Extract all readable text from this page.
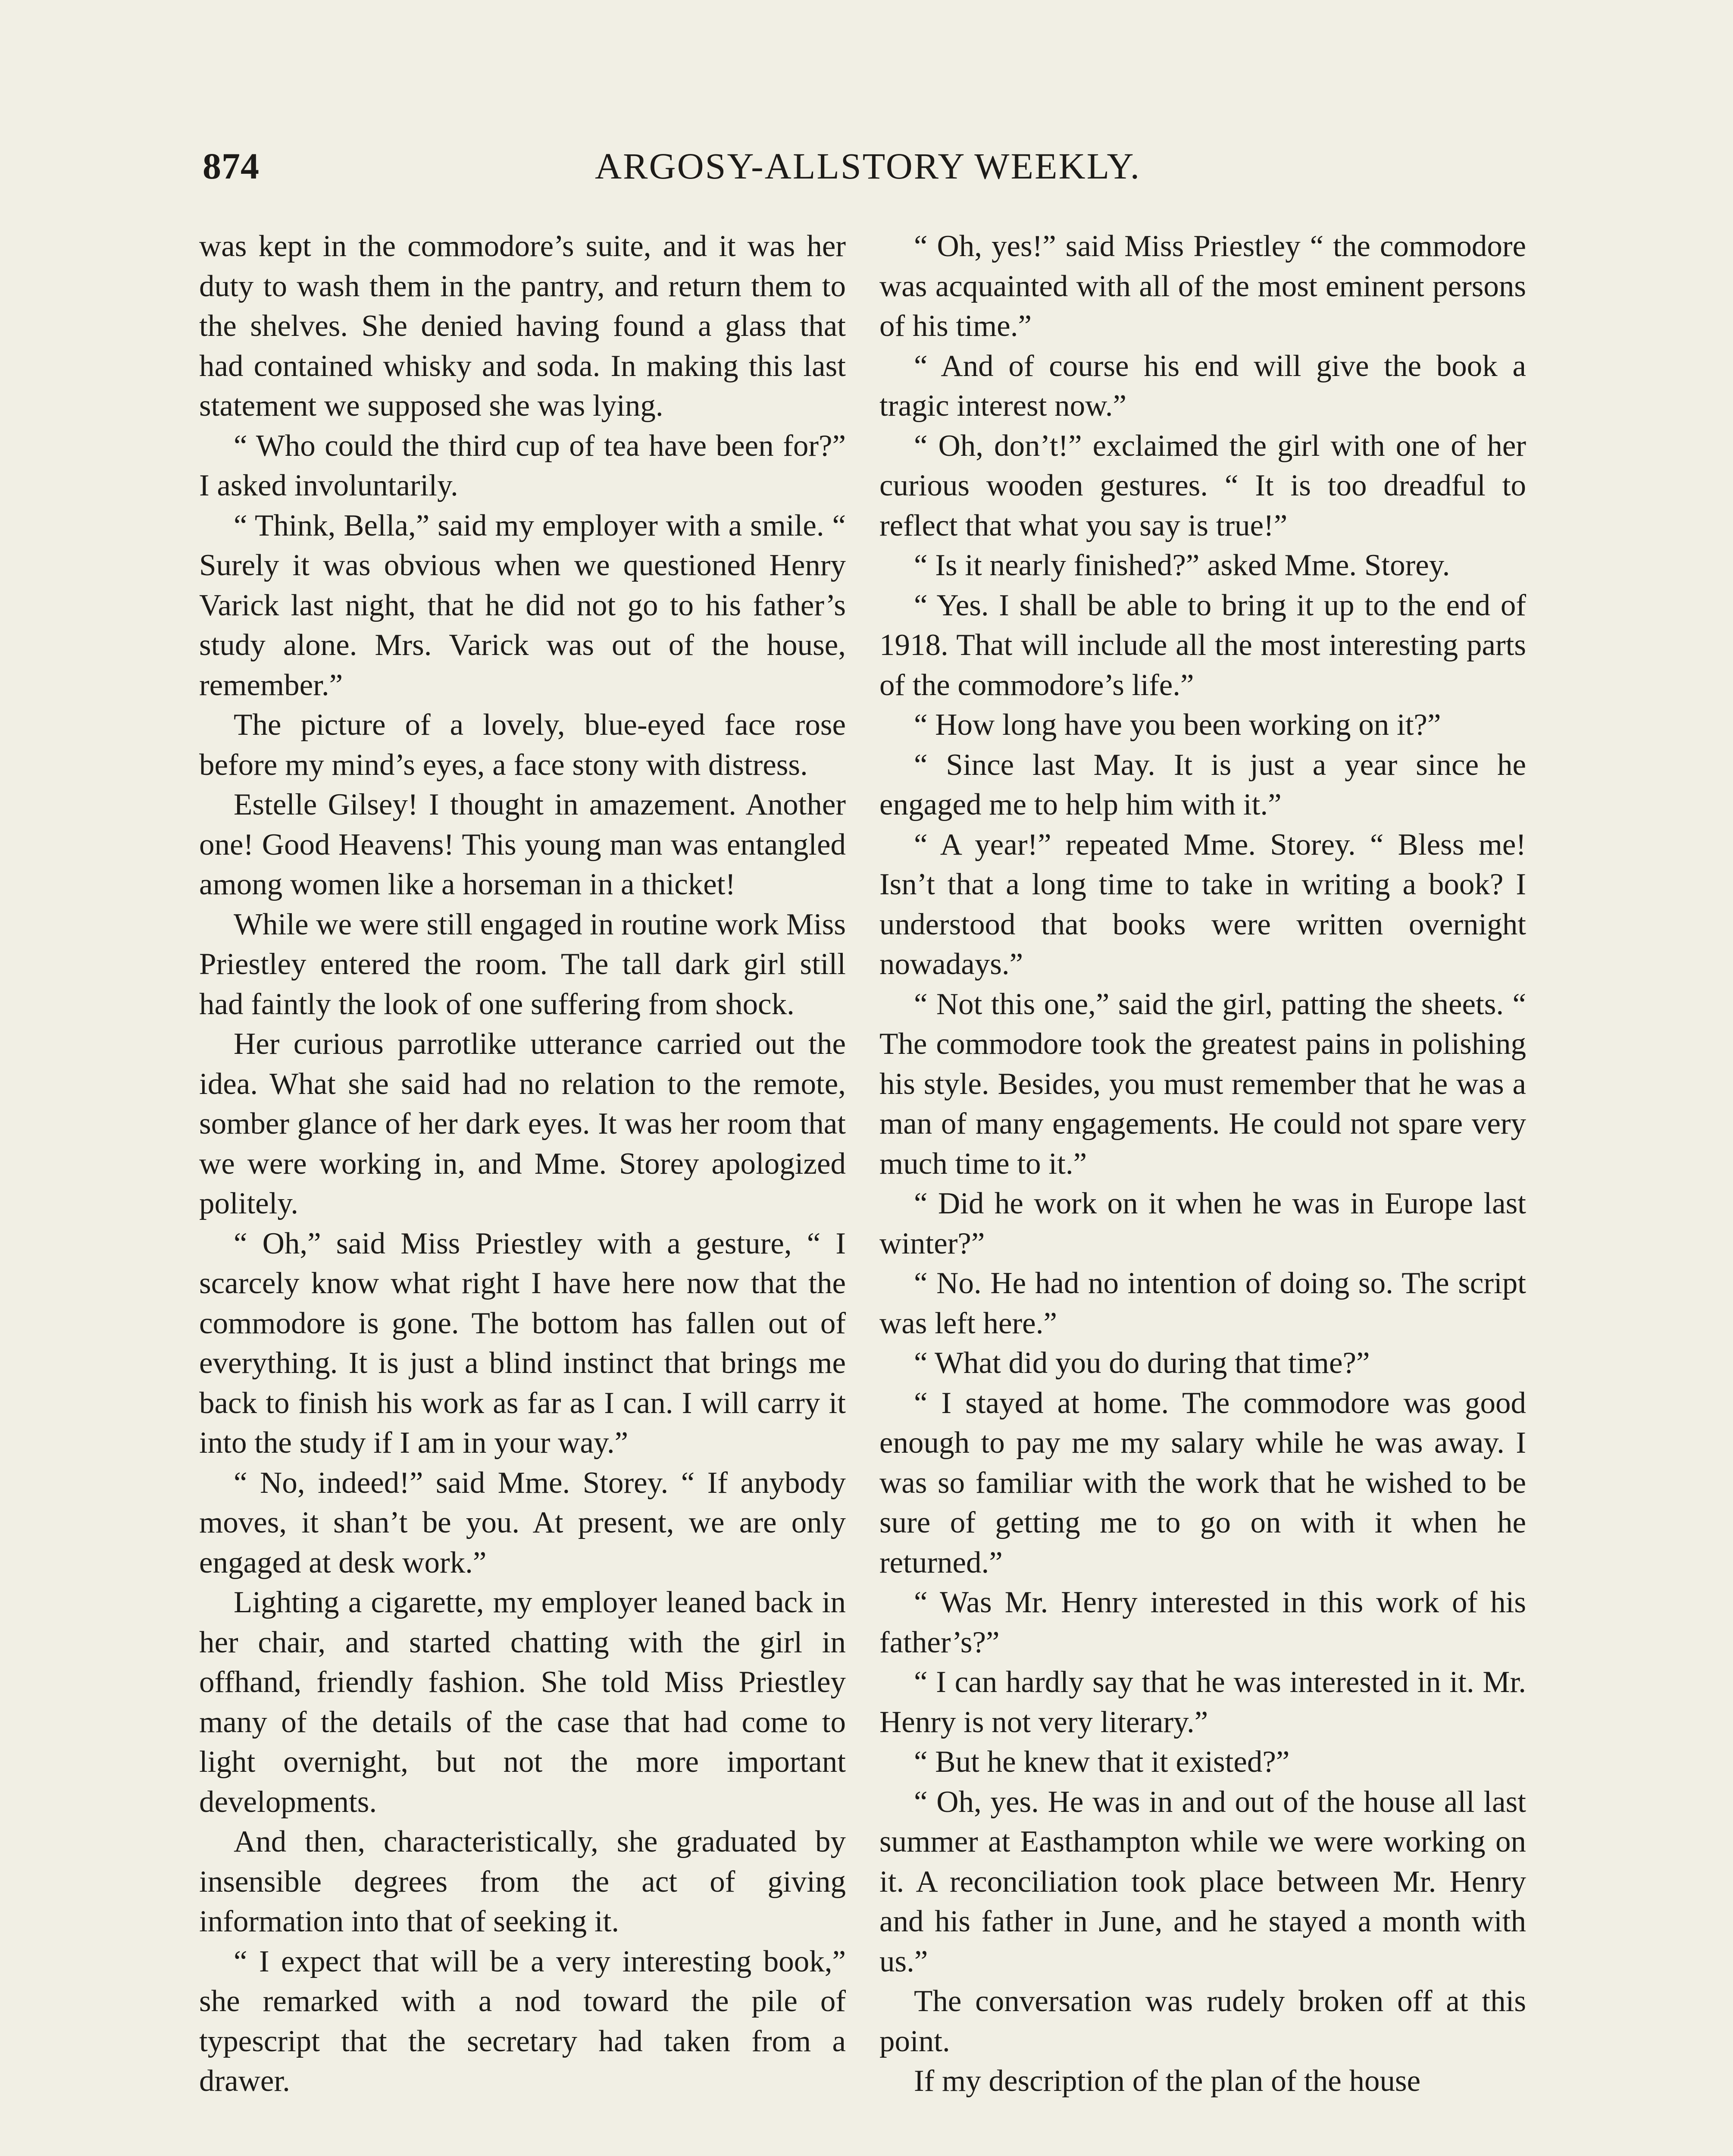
874	ARGOSY-ALLSTORY WEEKLY.

was kept in the commodore’s suite, and it was her duty to wash them in the pantry, and return them to the shelves. She denied having found a glass that had contained whisky and soda. In making this last statement we supposed she was lying.

“ Who could the third cup of tea have been for?” I asked involuntarily.

“ Think, Bella,” said my employer with a smile. “ Surely it was obvious when we questioned Henry Varick last night, that he did not go to his father’s study alone. Mrs. Varick was out of the house, remember.”

The picture of a lovely, blue-eyed face rose before my mind’s eyes, a face stony with distress.

Estelle Gilsey! I thought in amazement. Another one! Good Heavens! This young man was entangled among women like a horseman in a thicket!

While we were still engaged in routine work Miss Priestley entered the room. The tall dark girl still had faintly the look of one suffering from shock.

Her curious parrotlike utterance carried out the idea. What she said had no relation to the remote, somber glance of her dark eyes. It was her room that we were working in, and Mme. Storey apologized politely.

“ Oh,” said Miss Priestley with a gesture, “ I scarcely know what right I have here now that the commodore is gone. The bottom has fallen out of everything. It is just a blind instinct that brings me back to finish his work as far as I can. I will carry it into the study if I am in your way.”

“ No, indeed!” said Mme. Storey. “ If anybody moves, it shan’t be you. At present, we are only engaged at desk work.”

Lighting a cigarette, my employer leaned back in her chair, and started chatting with the girl in offhand, friendly fashion. She told Miss Priestley many of the details of the case that had come to light overnight, but not the more important developments.

And then, characteristically, she graduated by insensible degrees from the act of giving information into that of seeking it.

“ I expect that will be a very interesting book,” she remarked with a nod toward the pile of typescript that the secretary had taken from a drawer.

“ Oh, yes!” said Miss Priestley “ the commodore was acquainted with all of the most eminent persons of his time.”

“ And of course his end will give the book a tragic interest now.”

“ Oh, don’t!” exclaimed the girl with one of her curious wooden gestures. “ It is too dreadful to reflect that what you say is true!”

“ Is it nearly finished?” asked Mme. Storey.

“ Yes. I shall be able to bring it up to the end of 1918. That will include all the most interesting parts of the commodore’s life.”

“ How long have you been working on it?”

“ Since last May. It is just a year since he engaged me to help him with it.”

“ A year!” repeated Mme. Storey. “ Bless me! Isn’t that a long time to take in writing a book? I understood that books were written overnight nowadays.”

“ Not this one,” said the girl, patting the sheets. “ The commodore took the greatest pains in polishing his style. Besides, you must remember that he was a man of many engagements. He could not spare very much time to it.”

“ Did he work on it when he was in Europe last winter?”

“ No. He had no intention of doing so. The script was left here.”

“ What did you do during that time?”

“ I stayed at home. The commodore was good enough to pay me my salary while he was away. I was so familiar with the work that he wished to be sure of getting me to go on with it when he returned.”

“ Was Mr. Henry interested in this work of his father’s?”

“ I can hardly say that he was interested in it. Mr. Henry is not very literary.”

“ But he knew that it existed?”

“ Oh, yes. He was in and out of the house all last summer at Easthampton while we were working on it. A reconciliation took place between Mr. Henry and his father in June, and he stayed a month with us.”

The conversation was rudely broken off at this point.

If my description of the plan of the house
